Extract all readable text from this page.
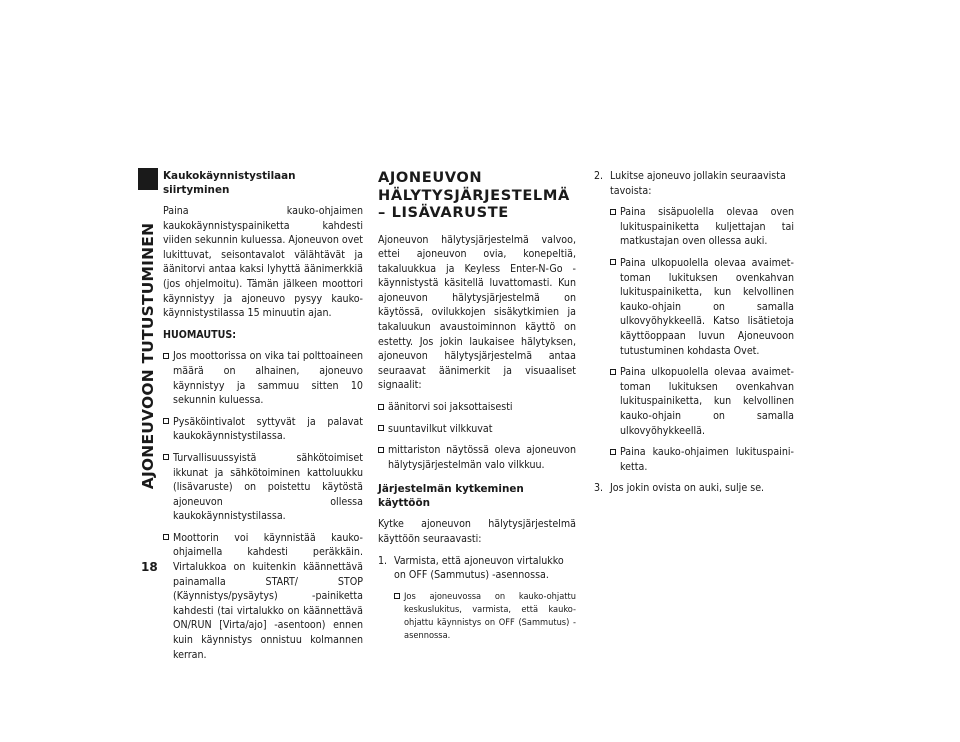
AJONEUVOON TUTUSTUMINEN
18
Kaukokäynnistystilaan siirtyminen

Paina kauko-ohjaimen kaukokäynnistyspainiketta kahdesti viiden sekunnin kuluessa. Ajoneuvon ovet lukittuvat, seisontavalot välähtävät ja äänitorvi antaa kaksi lyhyttä äänimerkkiä (jos ohjelmoitu). Tämän jälkeen moottori käynnistyy ja ajoneuvo pysyy kaukokäynnistystilassa 15 minuutin ajan.

HUOMAUTUS:
Jos moottorissa on vika tai polttoaineen määrä on alhainen, ajoneuvo käynnistyy ja sammuu sitten 10 sekunnin kuluessa.
Pysäköintivalot syttyvät ja palavat kaukokäynnistystilassa.
Turvallisuussyistä sähkötoimiset ikkunat ja sähkötoiminen kattoluukku (lisävaruste) on poistettu käytöstä ajoneuvon ollessa kaukokäynnistystilassa.
Moottorin voi käynnistää kauko-ohjaimella kahdesti peräkkäin. Virtalukkoa on kuitenkin käännettävä painamalla START/ STOP (Käynnistys/pysäytys) -painiketta kahdesti (tai virtalukko on käännettävä ON/RUN [Virta/ajo] -asentoon) ennen kuin käynnistys onnistuu kolmannen kerran.
AJONEUVON HÄLYTYSJÄRJESTELMÄ – LISÄVARUSTE

Ajoneuvon hälytysjärjestelmä valvoo, ettei ajoneuvon ovia, konepeltiä, takaluukkua ja Keyless Enter-N-Go -käynnistystä käsitellä luvattomasti. Kun ajoneuvon hälytysjärjestelmä on käytössä, ovilukkojen sisäkytkimien ja takaluukun avaustoiminnon käyttö on estetty. Jos jokin laukaisee hälytyksen, ajoneuvon hälytysjärjestelmä antaa seuraavat äänimerkit ja visuaaliset signaalit:

äänitorvi soi jaksottaisesti
suuntavilkut vilkkuvat
mittariston näytössä oleva ajoneuvon hälytysjärjestelmän valo vilkkuu.
Järjestelmän kytkeminen käyttöön

Kytke ajoneuvon hälytysjärjestelmä käyttöön seuraavasti:

1. Varmista, että ajoneuvon virtalukko on OFF (Sammutus) -asennossa.
Jos ajoneuvossa on kauko-ohjattu keskuslukitus, varmista, että kauko-ohjattu käynnistys on OFF (Sammutus) -asennossa.
2. Lukitse ajoneuvo jollakin seuraavista tavoista:
Paina sisäpuolella olevaa oven lukituspainiketta kuljettajan tai matkustajan oven ollessa auki.
Paina ulkopuolella olevaa avaimettoman lukituksen ovenkahvan lukituspainiketta, kun kelvollinen kauko-ohjain on samalla ulkovyöhykkeellä. Katso lisätietoja käyttöoppaan luvun Ajoneuvoon tutustuminen kohdasta Ovet.
Paina ulkopuolella olevaa avaimettoman lukituksen ovenkahvan lukituspainiketta, kun kelvollinen kauko-ohjain on samalla ulkovyöhykkeellä.
Paina kauko-ohjaimen lukituspainiketta.
3. Jos jokin ovista on auki, sulje se.
